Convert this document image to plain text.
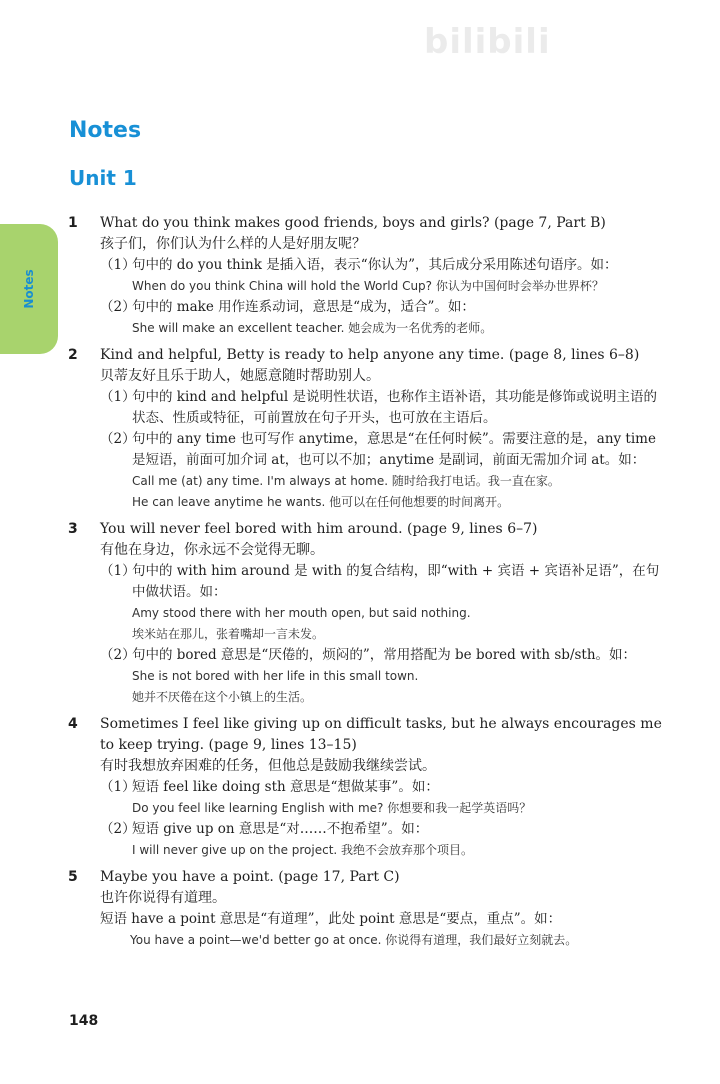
bilibili
Notes
Unit 1
Notes
1 What do you think makes good friends, boys and girls? (page 7, Part B)
孩子们，你们认为什么样的人是好朋友呢？
（1）
句中的 do you think 是插入语，表示“你认为”，其后成分采用陈述句语序。如：
When do you think China will hold the World Cup? 你认为中国何时会举办世界杯？
（2）
句中的 make 用作连系动词，意思是“成为，适合”。如：
She will make an excellent teacher. 她会成为一名优秀的老师。
2 Kind and helpful, Betty is ready to help anyone any time. (page 8, lines 6–8)
贝蒂友好且乐于助人，她愿意随时帮助别人。
（1）
句中的 kind and helpful 是说明性状语，也称作主语补语，其功能是修饰或说明主语的状态、性质或特征，可前置放在句子开头，也可放在主语后。
（2）
句中的 any time 也可写作 anytime，意思是“在任何时候”。需要注意的是，any time 是短语，前面可加介词 at，也可以不加；anytime 是副词，前面无需加介词 at。如：
Call me (at) any time. I'm always at home. 随时给我打电话。我一直在家。
He can leave anytime he wants. 他可以在任何他想要的时间离开。
3 You will never feel bored with him around. (page 9, lines 6–7)
有他在身边，你永远不会觉得无聊。
（1）
句中的 with him around 是 with 的复合结构，即“with + 宾语 + 宾语补足语”，在句中做状语。如：
Amy stood there with her mouth open, but said nothing.
埃米站在那儿，张着嘴却一言未发。
（2）
句中的 bored 意思是“厌倦的，烦闷的”，常用搭配为 be bored with sb/sth。如：
She is not bored with her life in this small town.
她并不厌倦在这个小镇上的生活。
4 Sometimes I feel like giving up on difficult tasks, but he always encourages me to keep trying. (page 9, lines 13–15)
有时我想放弃困难的任务，但他总是鼓励我继续尝试。
（1）
短语 feel like doing sth 意思是“想做某事”。如：
Do you feel like learning English with me? 你想要和我一起学英语吗？
（2）
短语 give up on 意思是“对……不抱希望”。如：
I will never give up on the project. 我绝不会放弃那个项目。
5 Maybe you have a point. (page 17, Part C)
也许你说得有道理。
短语 have a point 意思是“有道理”，此处 point 意思是“要点，重点”。如：
You have a point—we'd better go at once. 你说得有道理，我们最好立刻就去。
148
